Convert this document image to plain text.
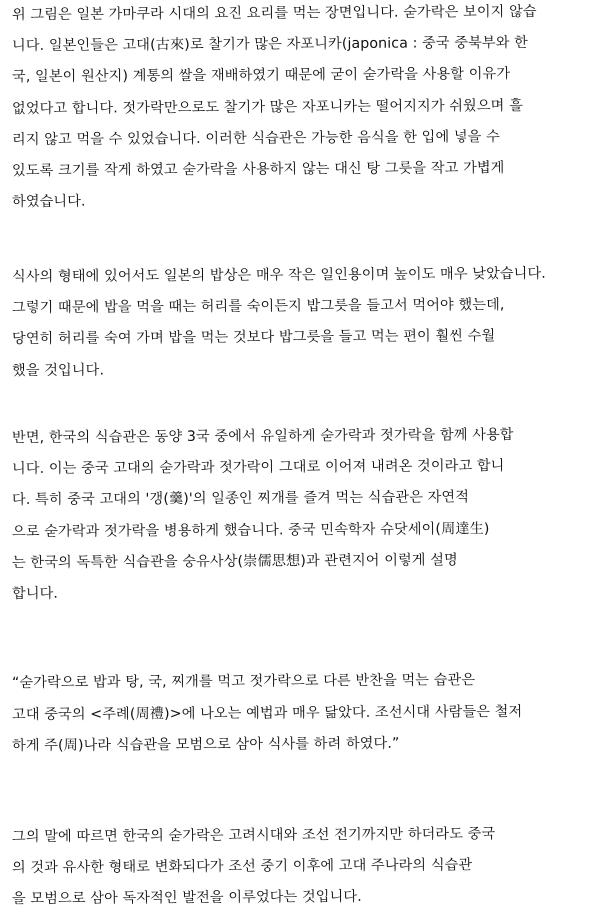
위 그림은 일본 가마쿠라 시대의 요진 요리를 먹는 장면입니다. 숟가락은 보이지 않습
니다. 일본인들은 고대(古來)로 찰기가 많은 자포니카(japonica : 중국 중북부와 한
국, 일본이 원산지) 계통의 쌀을 재배하였기 때문에 굳이 숟가락을 사용할 이유가
없었다고 합니다. 젓가락만으로도 찰기가 많은 자포니카는 떨어지지가 쉬웠으며 흘
리지 않고 먹을 수 있었습니다. 이러한 식습관은 가능한 음식을 한 입에 넣을 수
있도록 크기를 작게 하였고 숟가락을 사용하지 않는 대신 탕 그릇을 작고 가볍게
하였습니다.
식사의 형태에 있어서도 일본의 밥상은 매우 작은 일인용이며 높이도 매우 낮았습니다.
그렇기 때문에 밥을 먹을 때는 허리를 숙이든지 밥그릇을 들고서 먹어야 했는데,
당연히 허리를 숙여 가며 밥을 먹는 것보다 밥그릇을 들고 먹는 편이 훨씬 수월
했을 것입니다.
반면, 한국의 식습관은 동양 3국 중에서 유일하게 숟가락과 젓가락을 함께 사용합
니다. 이는 중국 고대의 숟가락과 젓가락이 그대로 이어져 내려온 것이라고 합니
다. 특히 중국 고대의 '갱(羹)'의 일종인 찌개를 즐겨 먹는 식습관은 자연적
으로 숟가락과 젓가락을 병용하게 했습니다. 중국 민속학자 슈닷세이(周達生)
는 한국의 독특한 식습관을 숭유사상(崇儒思想)과 관련지어 이렇게 설명
합니다.
“숟가락으로 밥과 탕, 국, 찌개를 먹고 젓가락으로 다른 반찬을 먹는 습관은
고대 중국의 <주례(周禮)>에 나오는 예법과 매우 닮았다. 조선시대 사람들은 철저
하게 주(周)나라 식습관을 모범으로 삼아 식사를 하려 하였다.”
그의 말에 따르면 한국의 숟가락은 고려시대와 조선 전기까지만 하더라도 중국
의 것과 유사한 형태로 변화되다가 조선 중기 이후에 고대 주나라의 식습관
을 모범으로 삼아 독자적인 발전을 이루었다는 것입니다.
